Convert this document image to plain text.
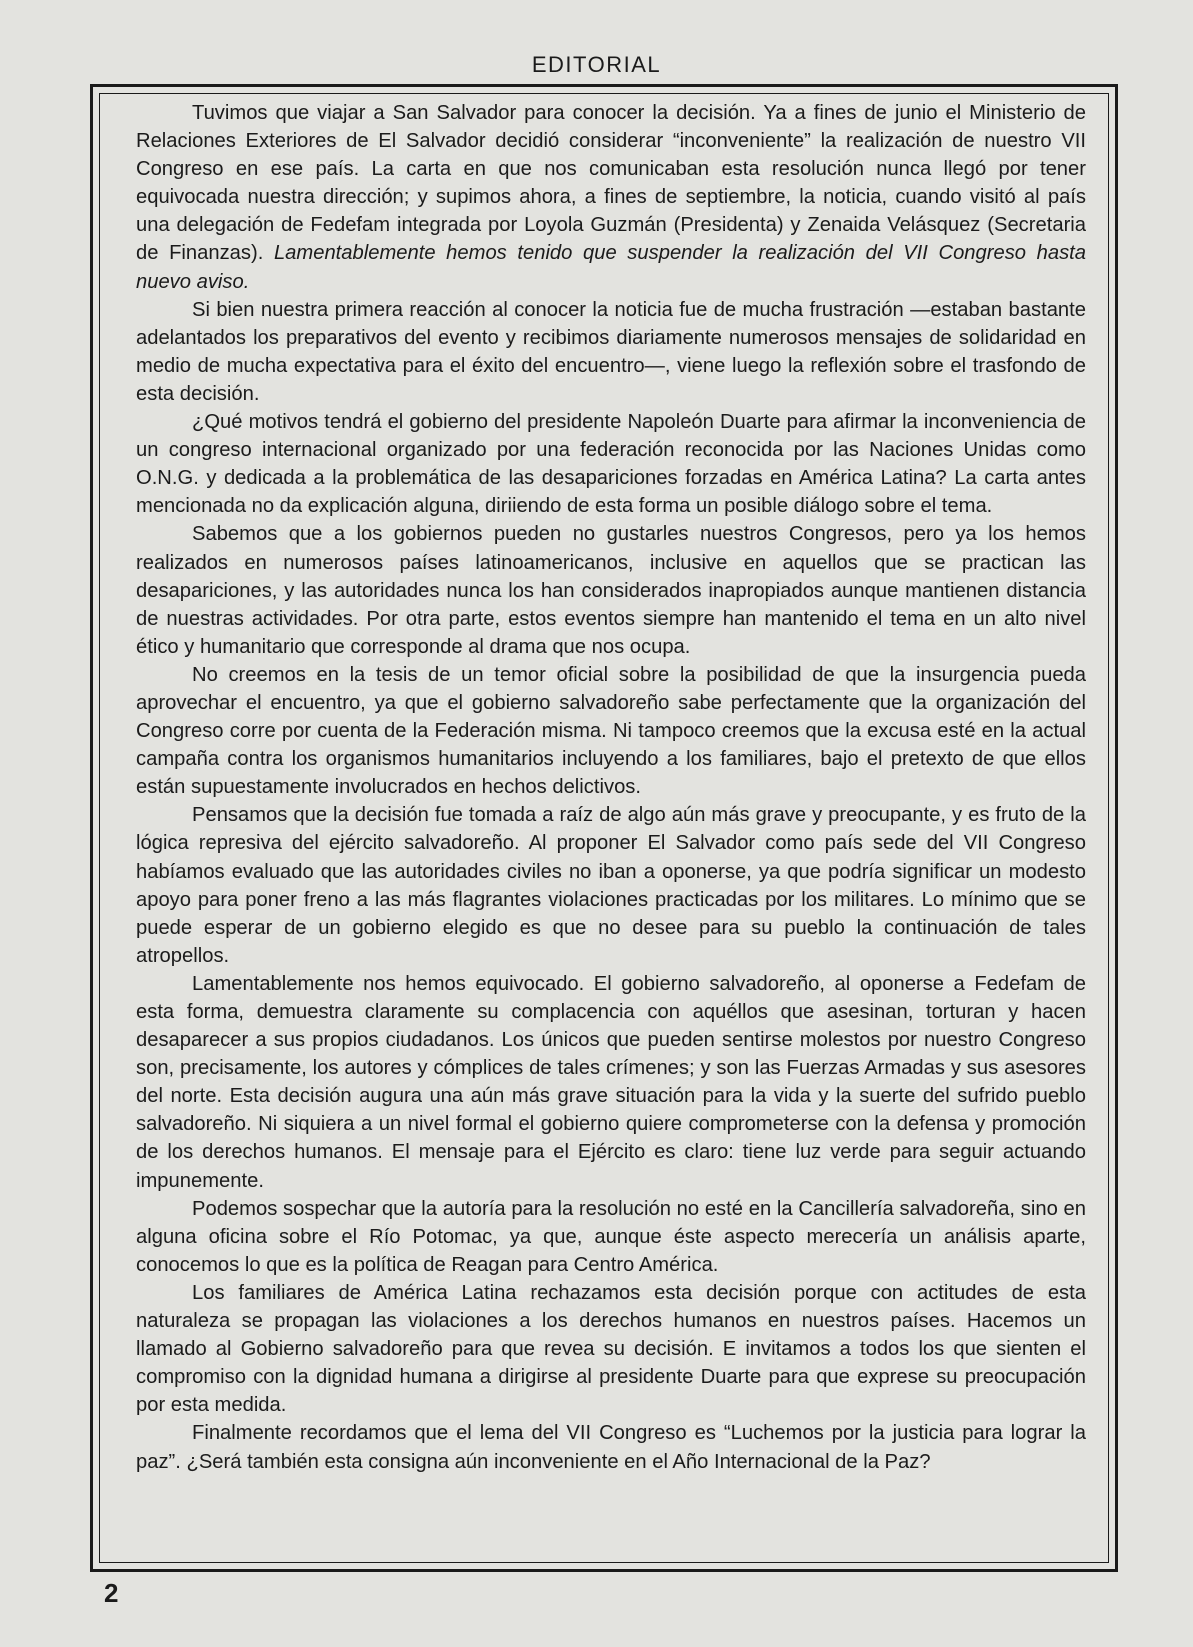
EDITORIAL

Tuvimos que viajar a San Salvador para conocer la decisión. Ya a fines de junio el Ministerio de Relaciones Exteriores de El Salvador decidió considerar “inconveniente” la realización de nuestro VII Congreso en ese país. La carta en que nos comunicaban esta resolución nunca llegó por tener equivocada nuestra dirección; y supimos ahora, a fines de septiembre, la noticia, cuando visitó al país una delegación de Fedefam integrada por Loyola Guzmán (Presidenta) y Zenaida Velásquez (Secretaria de Finanzas). Lamentablemente hemos tenido que suspender la realización del VII Congreso hasta nuevo aviso.

Si bien nuestra primera reacción al conocer la noticia fue de mucha frustración —estaban bastante adelantados los preparativos del evento y recibimos diariamente numerosos mensajes de solidaridad en medio de mucha expectativa para el éxito del encuentro—, viene luego la reflexión sobre el trasfondo de esta decisión.

¿Qué motivos tendrá el gobierno del presidente Napoleón Duarte para afirmar la inconveniencia de un congreso internacional organizado por una federación reconocida por las Naciones Unidas como O.N.G. y dedicada a la problemática de las desapariciones forzadas en América Latina? La carta antes mencionada no da explicación alguna, diriiendo de esta forma un posible diálogo sobre el tema.

Sabemos que a los gobiernos pueden no gustarles nuestros Congresos, pero ya los hemos realizados en numerosos países latinoamericanos, inclusive en aquellos que se practican las desapariciones, y las autoridades nunca los han considerados inapropiados aunque mantienen distancia de nuestras actividades. Por otra parte, estos eventos siempre han mantenido el tema en un alto nivel ético y humanitario que corresponde al drama que nos ocupa.

No creemos en la tesis de un temor oficial sobre la posibilidad de que la insurgencia pueda aprovechar el encuentro, ya que el gobierno salvadoreño sabe perfectamente que la organización del Congreso corre por cuenta de la Federación misma. Ni tampoco creemos que la excusa esté en la actual campaña contra los organismos humanitarios incluyendo a los familiares, bajo el pretexto de que ellos están supuestamente involucrados en hechos delictivos.

Pensamos que la decisión fue tomada a raíz de algo aún más grave y preocupante, y es fruto de la lógica represiva del ejército salvadoreño. Al proponer El Salvador como país sede del VII Congreso habíamos evaluado que las autoridades civiles no iban a oponerse, ya que podría significar un modesto apoyo para poner freno a las más flagrantes violaciones practicadas por los militares. Lo mínimo que se puede esperar de un gobierno elegido es que no desee para su pueblo la continuación de tales atropellos.

Lamentablemente nos hemos equivocado. El gobierno salvadoreño, al oponerse a Fedefam de esta forma, demuestra claramente su complacencia con aquéllos que asesinan, torturan y hacen desaparecer a sus propios ciudadanos. Los únicos que pueden sentirse molestos por nuestro Congreso son, precisamente, los autores y cómplices de tales crímenes; y son las Fuerzas Armadas y sus asesores del norte. Esta decisión augura una aún más grave situación para la vida y la suerte del sufrido pueblo salvadoreño. Ni siquiera a un nivel formal el gobierno quiere comprometerse con la defensa y promoción de los derechos humanos. El mensaje para el Ejército es claro: tiene luz verde para seguir actuando impunemente.

Podemos sospechar que la autoría para la resolución no esté en la Cancillería salvadoreña, sino en alguna oficina sobre el Río Potomac, ya que, aunque éste aspecto merecería un análisis aparte, conocemos lo que es la política de Reagan para Centro América.

Los familiares de América Latina rechazamos esta decisión porque con actitudes de esta naturaleza se propagan las violaciones a los derechos humanos en nuestros países. Hacemos un llamado al Gobierno salvadoreño para que revea su decisión. E invitamos a todos los que sienten el compromiso con la dignidad humana a dirigirse al presidente Duarte para que exprese su preocupación por esta medida.

Finalmente recordamos que el lema del VII Congreso es “Luchemos por la justicia para lograr la paz”. ¿Será también esta consigna aún inconveniente en el Año Internacional de la Paz?

2
